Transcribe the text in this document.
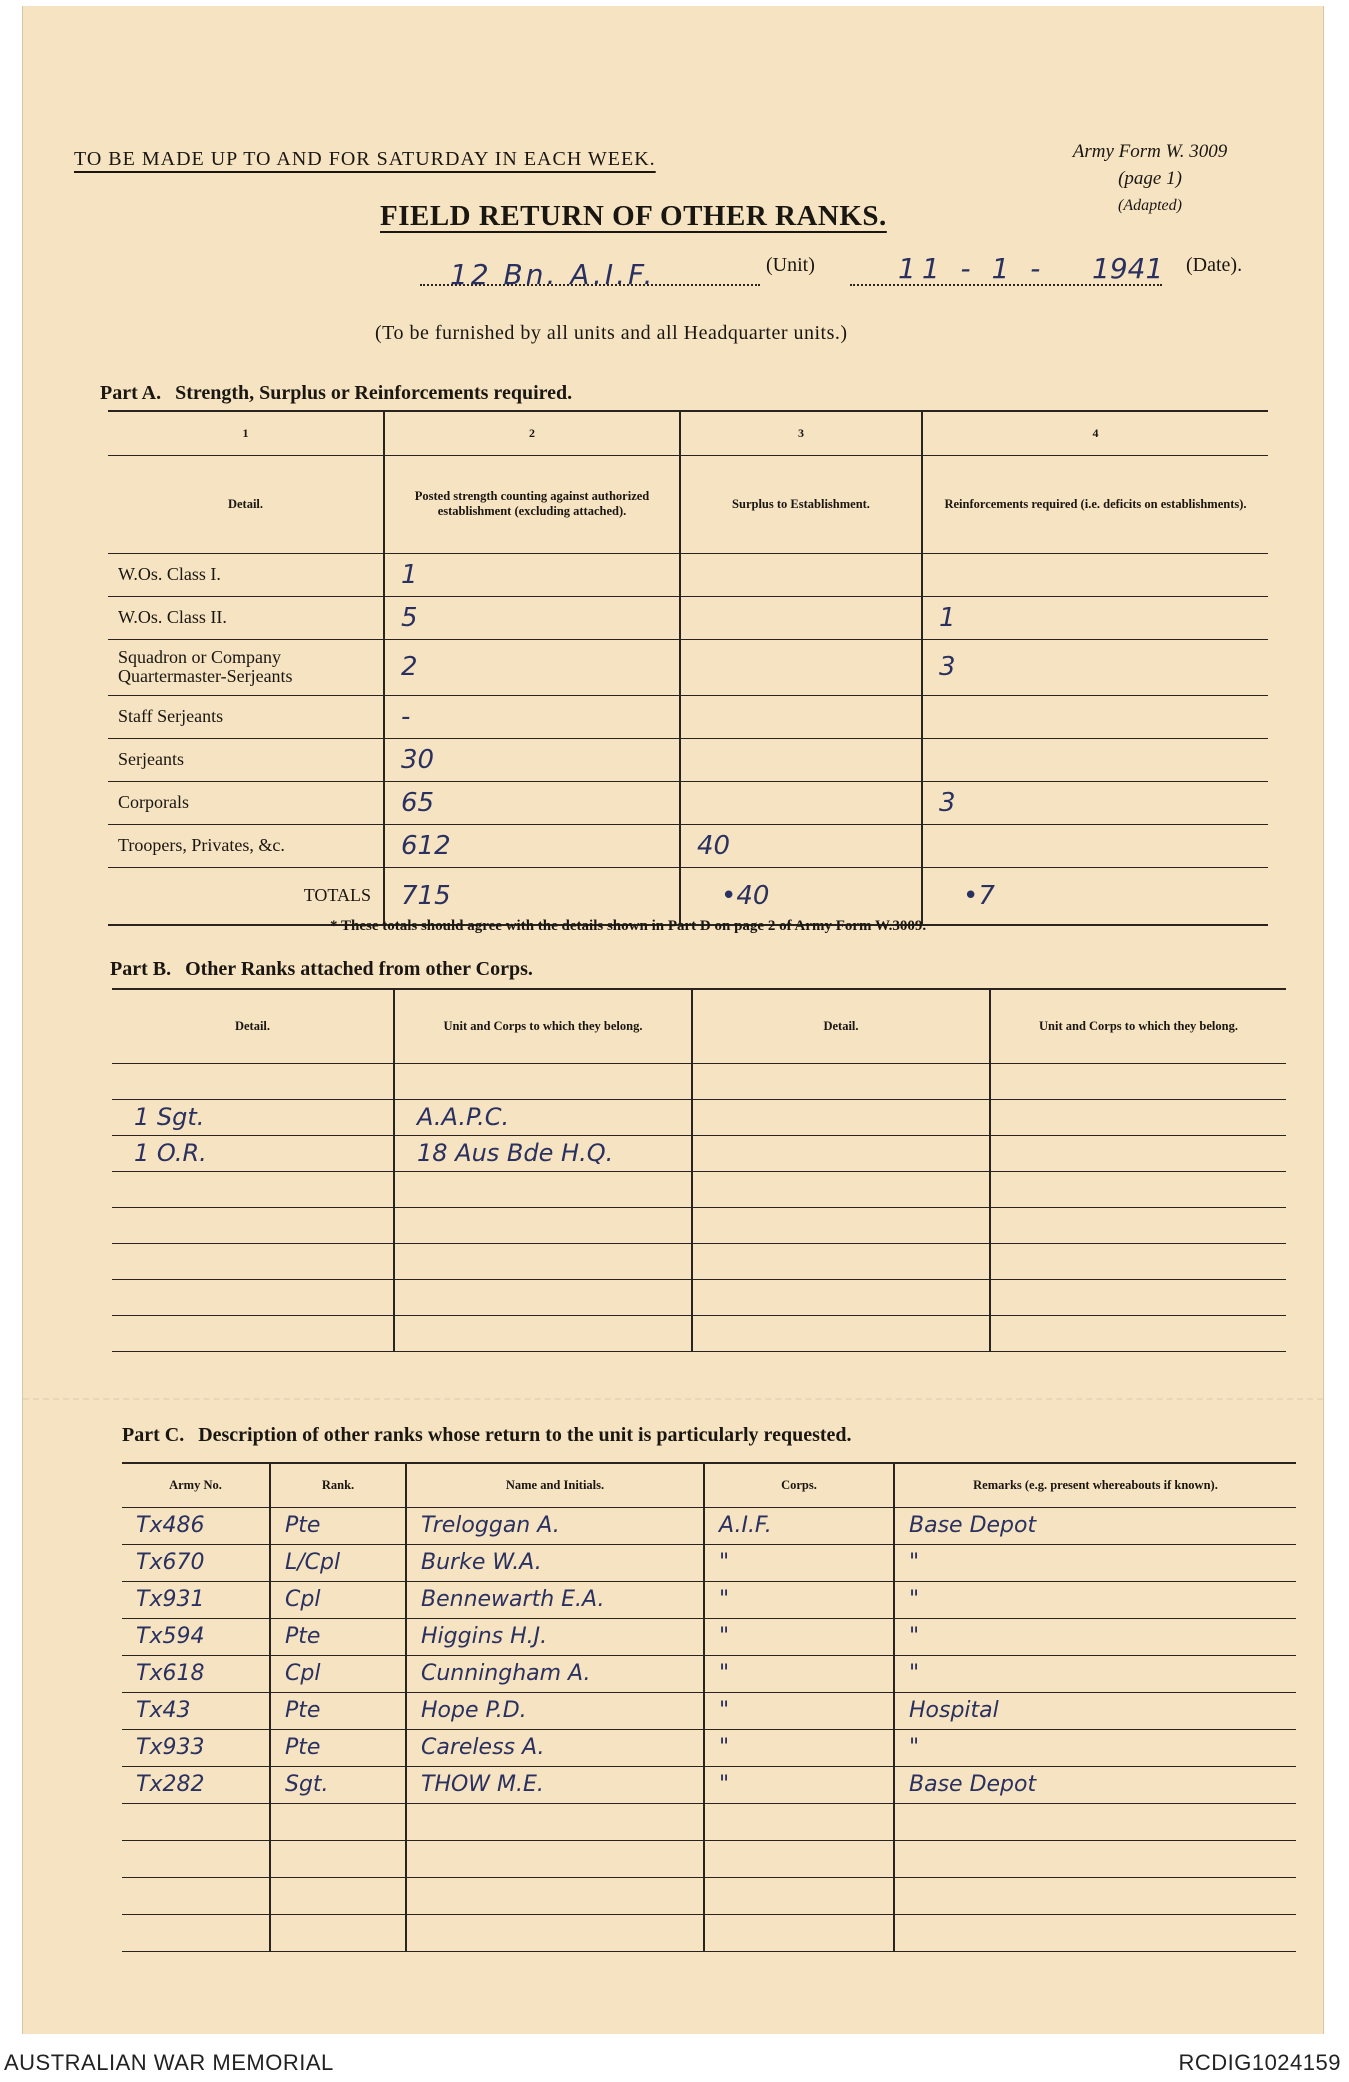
TO BE MADE UP TO AND FOR SATURDAY IN EACH WEEK.	Army Form W. 3009
(page 1)
(Adapted)
FIELD RETURN OF OTHER RANKS.
12 Bn. A.I.F.	(Unit)	11 - 1 - 1941 (Date).
(To be furnished by all units and all Headquarter units.)
Part A. Strength, Surplus or Reinforcements required.
1	2	3	4
Detail.	Posted strength counting against authorized establishment (excluding attached).	Surplus to Establishment.	Reinforcements required (i.e. deficits on establishments).
W.Os. Class I.	1		
W.Os. Class II.	5		1
Squadron or Company Quartermaster-Serjeants	2		3
Staff Serjeants	-		
Serjeants	30		
Corporals	65		3
Troopers, Privates, &c.	612	40	
TOTALS	715	•40	•7
* These totals should agree with the details shown in Part D on page 2 of Army Form W.3009.
Part B. Other Ranks attached from other Corps.
Detail.	Unit and Corps to which they belong.	Detail.	Unit and Corps to which they belong.

1 Sgt.	A.A.P.C.		
1 O.R.	18 Aus Bde H.Q.		

Part C. Description of other ranks whose return to the unit is particularly requested.
Army No.	Rank.	Name and Initials.	Corps.	Remarks (e.g. present whereabouts if known).
Tx486	Pte	Treloggan A.	A.I.F.	Base Depot
Tx670	L/Cpl	Burke W.A.	"	"
Tx931	Cpl	Bennewarth E.A.	"	"
Tx594	Pte	Higgins H.J.	"	"
Tx618	Cpl	Cunningham A.	"	"
Tx43	Pte	Hope P.D.	"	Hospital
Tx933	Pte	Careless A.	"	"
Tx282	Sgt.	THOW M.E.	"	Base Depot

AUSTRALIAN WAR MEMORIAL	RCDIG1024159
